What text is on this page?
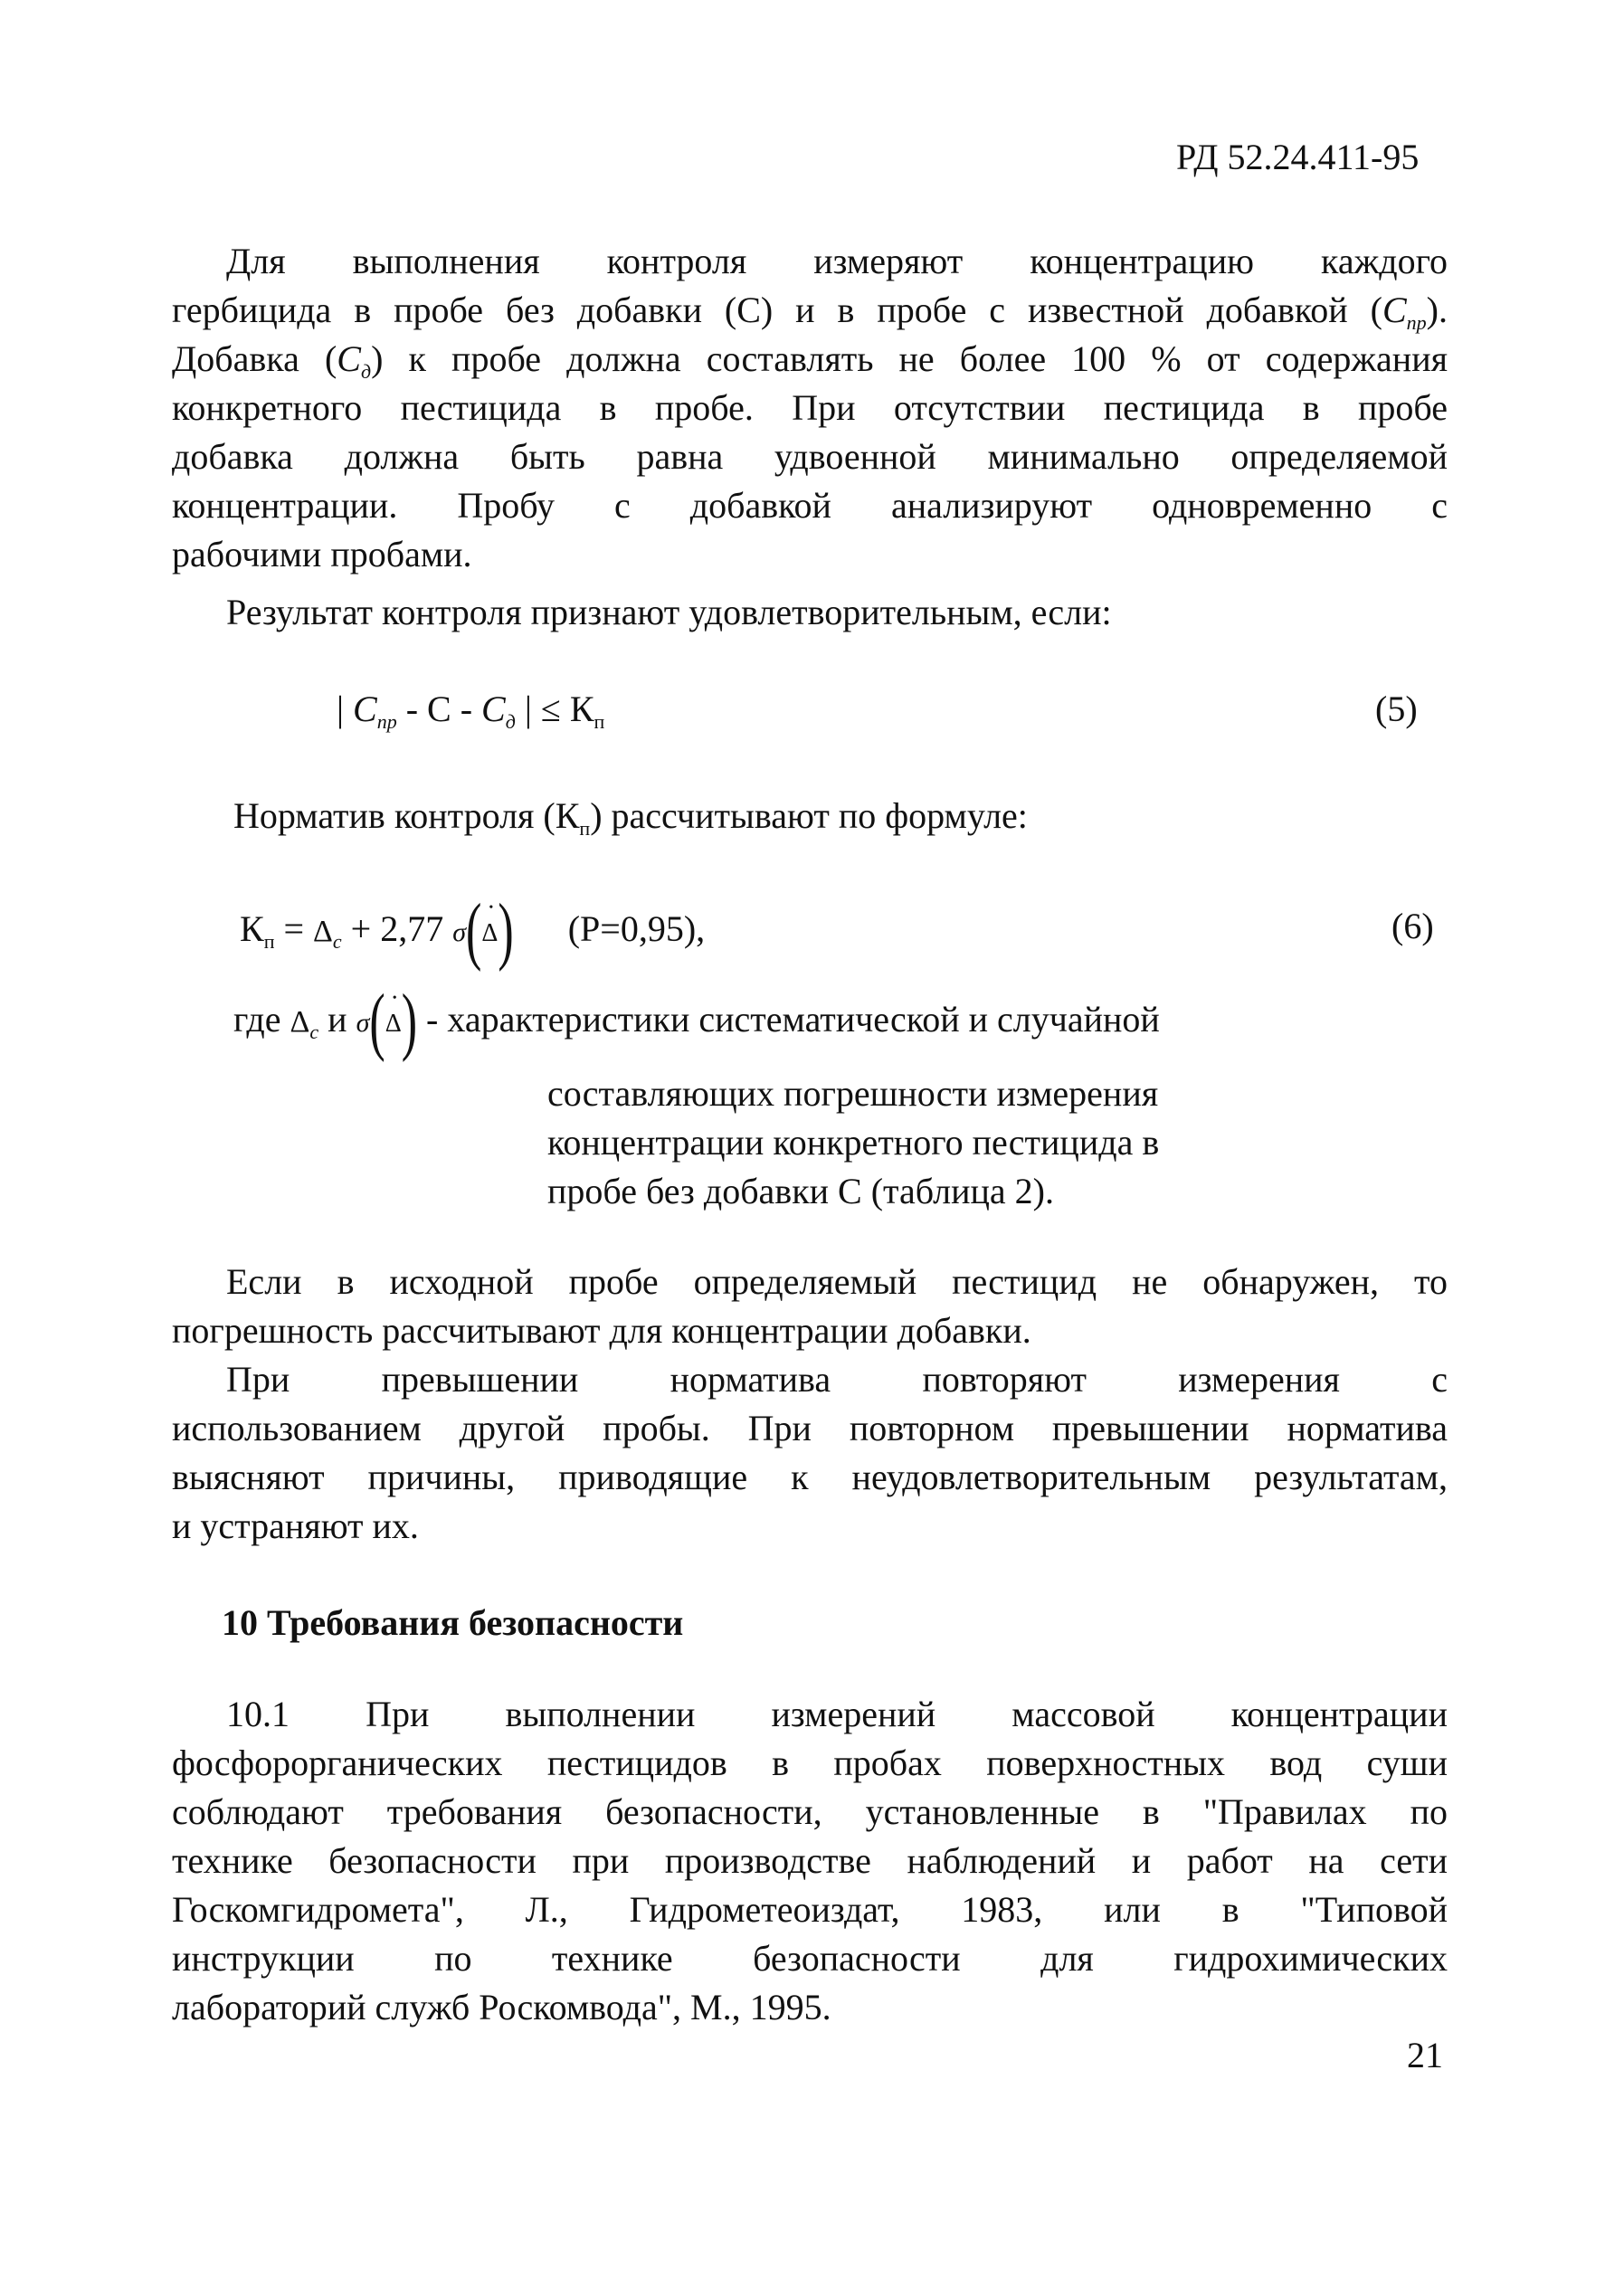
РД 52.24.411-95
Для выполнения контроля измеряют концентрацию каждого
гербицида в пробе без добавки (С) и в пробе с известной добавкой $(С_{пр})$.
Добавка $(С_д)$ к пробе должна составлять не более 100 % от содержания
конкретного пестицида в пробе. При отсутствии пестицида в пробе
добавка должна быть равна удвоенной минимально определяемой
концентрации. Пробу с добавкой анализируют одновременно с
рабочими пробами.
Результат контроля признают удовлетворительным, если:
| $С_{пр}$ - С - $С_д$ | ≤ $К_п$	(5)
Норматив контроля $(К_п)$ рассчитывают по формуле:
$К_п = \Delta_с + 2,77$ σ(• Δ) (P=0,95),	(6)
где $\Delta_с$ и σ(• Δ) - характеристики систематической и случайной
составляющих погрешности измерения
концентрации конкретного пестицида в
пробе без добавки С (таблица 2).
Если в исходной пробе определяемый пестицид не обнаружен, то
погрешность рассчитывают для концентрации добавки.
При превышении норматива повторяют измерения с
использованием другой пробы. При повторном превышении норматива
выясняют причины, приводящие к неудовлетворительным результатам,
и устраняют их.
10 Требования безопасности
10.1 При выполнении измерений массовой концентрации
фосфорорганических пестицидов в пробах поверхностных вод суши
соблюдают требования безопасности, установленные в "Правилах по
технике безопасности при производстве наблюдений и работ на сети
Госкомгидромета", Л., Гидрометеоиздат, 1983, или в "Типовой
инструкции по технике безопасности для гидрохимических
лабораторий служб Роскомвода", М., 1995.
21
